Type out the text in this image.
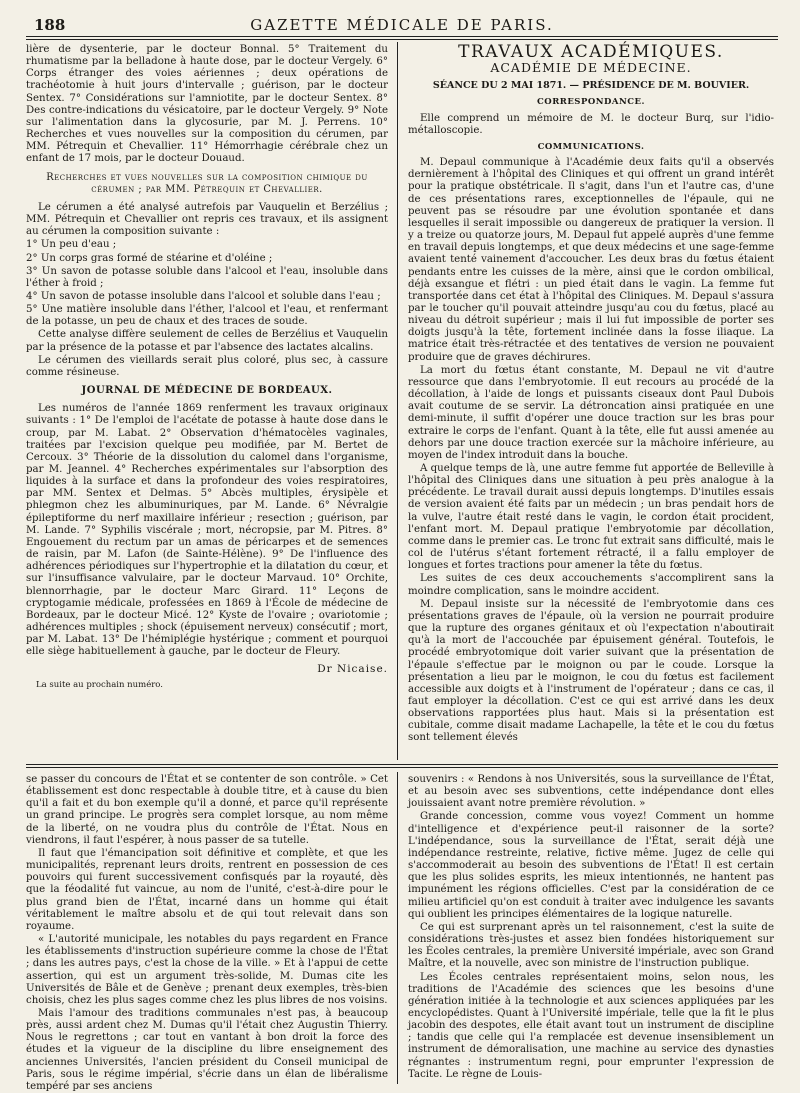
188	GAZETTE MÉDICALE DE PARIS.

lière de dysenterie, par le docteur Bonnal. 5° Traitement du rhumatisme par la belladone à haute dose, par le docteur Vergely. 6° Corps étranger des voies aériennes ; deux opérations de trachéotomie à huit jours d'intervalle ; guérison, par le docteur Sentex. 7° Considérations sur l'amniotite, par le docteur Sentex. 8° Des contre-indications du vésicatoire, par le docteur Vergely. 9° Note sur l'alimentation dans la glycosurie, par M. J. Perrens. 10° Recherches et vues nouvelles sur la composition du cérumen, par MM. Pétrequin et Chevallier. 11° Hémorrhagie cérébrale chez un enfant de 17 mois, par le docteur Douaud.

Recherches et vues nouvelles sur la composition chimique du cérumen ; par MM. Pétrequin et Chevallier.

Le cérumen a été analysé autrefois par Vauquelin et Berzélius ; MM. Pétrequin et Chevallier ont repris ces travaux, et ils assignent au cérumen la composition suivante :

1° Un peu d'eau ;

2° Un corps gras formé de stéarine et d'oléine ;

3° Un savon de potasse soluble dans l'alcool et l'eau, insoluble dans l'éther à froid ;

4° Un savon de potasse insoluble dans l'alcool et soluble dans l'eau ;

5° Une matière insoluble dans l'éther, l'alcool et l'eau, et renfermant de la potasse, un peu de chaux et des traces de soude.

Cette analyse diffère seulement de celles de Berzélius et Vauquelin par la présence de la potasse et par l'absence des lactates alcalins.

Le cérumen des vieillards serait plus coloré, plus sec, à cassure comme résineuse.

JOURNAL DE MÉDECINE DE BORDEAUX.

Les numéros de l'année 1869 renferment les travaux originaux suivants : 1° De l'emploi de l'acétate de potasse à haute dose dans le croup, par M. Labat. 2° Observation d'hématocèles vaginales, traitées par l'excision quelque peu modifiée, par M. Bertet de Cercoux. 3° Théorie de la dissolution du calomel dans l'organisme, par M. Jeannel. 4° Recherches expérimentales sur l'absorption des liquides à la surface et dans la profondeur des voies respiratoires, par MM. Sentex et Delmas. 5° Abcès multiples, érysipèle et phlegmon chez les albuminuriques, par M. Lande. 6° Névralgie épileptiforme du nerf maxillaire inférieur ; resection ; guérison, par M. Lande. 7° Syphilis viscérale ; mort, nécropsie, par M. Pitres. 8° Engouement du rectum par un amas de péricarpes et de semences de raisin, par M. Lafon (de Sainte-Hélène). 9° De l'influence des adhérences périodiques sur l'hypertrophie et la dilatation du cœur, et sur l'insuffisance valvulaire, par le docteur Marvaud. 10° Orchite, blennorrhagie, par le docteur Marc Girard. 11° Leçons de cryptogamie médicale, professées en 1869 à l'École de médecine de Bordeaux, par le docteur Micé. 12° Kyste de l'ovaire ; ovariotomie ; adhérences multiples ; shock (épuisement nerveux) consécutif ; mort, par M. Labat. 13° De l'hémiplégie hystérique ; comment et pourquoi elle siège habituellement à gauche, par le docteur de Fleury.

Dr Nicaise.

La suite au prochain numéro.

TRAVAUX ACADÉMIQUES.
ACADÉMIE DE MÉDECINE.
SÉANCE DU 2 MAI 1871. — PRÉSIDENCE DE M. BOUVIER.
CORRESPONDANCE.

Elle comprend un mémoire de M. le docteur Burq, sur l'idio-métalloscopie.

COMMUNICATIONS.

M. Depaul communique à l'Académie deux faits qu'il a observés dernièrement à l'hôpital des Cliniques et qui offrent un grand intérêt pour la pratique obstétricale. Il s'agit, dans l'un et l'autre cas, d'une de ces présentations rares, exceptionnelles de l'épaule, qui ne peuvent pas se résoudre par une évolution spontanée et dans lesquelles il serait impossible ou dangereux de pratiquer la version. Il y a treize ou quatorze jours, M. Depaul fut appelé auprès d'une femme en travail depuis longtemps, et que deux médecins et une sage-femme avaient tenté vainement d'accoucher. Les deux bras du fœtus étaient pendants entre les cuisses de la mère, ainsi que le cordon ombilical, déjà exsangue et flétri : un pied était dans le vagin. La femme fut transportée dans cet état à l'hôpital des Cliniques. M. Depaul s'assura par le toucher qu'il pouvait atteindre jusqu'au cou du fœtus, placé au niveau du détroit supérieur ; mais il lui fut impossible de porter ses doigts jusqu'à la tête, fortement inclinée dans la fosse iliaque. La matrice était très-rétractée et des tentatives de version ne pouvaient produire que de graves déchirures.

La mort du fœtus étant constante, M. Depaul ne vit d'autre ressource que dans l'embryotomie. Il eut recours au procédé de la décollation, à l'aide de longs et puissants ciseaux dont Paul Dubois avait coutume de se servir. La détroncation ainsi pratiquée en une demi-minute, il suffit d'opérer une douce traction sur les bras pour extraire le corps de l'enfant. Quant à la tête, elle fut aussi amenée au dehors par une douce traction exercée sur la mâchoire inférieure, au moyen de l'index introduit dans la bouche.

A quelque temps de là, une autre femme fut apportée de Belleville à l'hôpital des Cliniques dans une situation à peu près analogue à la précédente. Le travail durait aussi depuis longtemps. D'inutiles essais de version avaient été faits par un médecin ; un bras pendait hors de la vulve, l'autre était resté dans le vagin, le cordon était procident, l'enfant mort. M. Depaul pratique l'embryotomie par décollation, comme dans le premier cas. Le tronc fut extrait sans difficulté, mais le col de l'utérus s'étant fortement rétracté, il a fallu employer de longues et fortes tractions pour amener la tête du fœtus.

Les suites de ces deux accouchements s'accomplirent sans la moindre complication, sans le moindre accident.

M. Depaul insiste sur la nécessité de l'embryotomie dans ces présentations graves de l'épaule, où la version ne pourrait produire que la rupture des organes génitaux et où l'expectation n'aboutirait qu'à la mort de l'accouchée par épuisement général. Toutefois, le procédé embryotomique doit varier suivant que la présentation de l'épaule s'effectue par le moignon ou par le coude. Lorsque la présentation a lieu par le moignon, le cou du fœtus est facilement accessible aux doigts et à l'instrument de l'opérateur ; dans ce cas, il faut employer la décollation. C'est ce qui est arrivé dans les deux observations rapportées plus haut. Mais si la présentation est cubitale, comme disait madame Lachapelle, la tête et le cou du fœtus sont tellement élevés

se passer du concours de l'État et se contenter de son contrôle. » Cet établissement est donc respectable à double titre, et à cause du bien qu'il a fait et du bon exemple qu'il a donné, et parce qu'il représente un grand principe. Le progrès sera complet lorsque, au nom même de la liberté, on ne voudra plus du contrôle de l'État. Nous en viendrons, il faut l'espérer, à nous passer de sa tutelle.

Il faut que l'émancipation soit définitive et complète, et que les municipalités, reprenant leurs droits, rentrent en possession de ces pouvoirs qui furent successivement confisqués par la royauté, dès que la féodalité fut vaincue, au nom de l'unité, c'est-à-dire pour le plus grand bien de l'État, incarné dans un homme qui était véritablement le maître absolu et de qui tout relevait dans son royaume.

« L'autorité municipale, les notables du pays regardent en France les établissements d'instruction supérieure comme la chose de l'État ; dans les autres pays, c'est la chose de la ville. » Et à l'appui de cette assertion, qui est un argument très-solide, M. Dumas cite les Universités de Bâle et de Genève ; prenant deux exemples, très-bien choisis, chez les plus sages comme chez les plus libres de nos voisins.

Mais l'amour des traditions communales n'est pas, à beaucoup près, aussi ardent chez M. Dumas qu'il l'était chez Augustin Thierry. Nous le regrettons ; car tout en vantant à bon droit la force des études et la vigueur de la discipline du libre enseignement des anciennes Universités, l'ancien président du Conseil municipal de Paris, sous le régime impérial, s'écrie dans un élan de libéralisme tempéré par ses anciens

souvenirs : « Rendons à nos Universités, sous la surveillance de l'État, et au besoin avec ses subventions, cette indépendance dont elles jouissaient avant notre première révolution. »

Grande concession, comme vous voyez! Comment un homme d'intelligence et d'expérience peut-il raisonner de la sorte? L'indépendance, sous la surveillance de l'État, serait déjà une indépendance restreinte, relative, fictive même. Jugez de celle qui s'accommoderait au besoin des subventions de l'État! Il est certain que les plus solides esprits, les mieux intentionnés, ne hantent pas impunément les régions officielles. C'est par la considération de ce milieu artificiel qu'on est conduit à traiter avec indulgence les savants qui oublient les principes élémentaires de la logique naturelle.

Ce qui est surprenant après un tel raisonnement, c'est la suite de considérations très-justes et assez bien fondées historiquement sur les Écoles centrales, la première Université impériale, avec son Grand Maître, et la nouvelle, avec son ministre de l'instruction publique.

Les Écoles centrales représentaient moins, selon nous, les traditions de l'Académie des sciences que les besoins d'une génération initiée à la technologie et aux sciences appliquées par les encyclopédistes. Quant à l'Université impériale, telle que la fit le plus jacobin des despotes, elle était avant tout un instrument de discipline ; tandis que celle qui l'a remplacée est devenue insensiblement un instrument de démoralisation, une machine au service des dynasties régnantes : instrumentum regni, pour emprunter l'expression de Tacite. Le règne de Louis-
